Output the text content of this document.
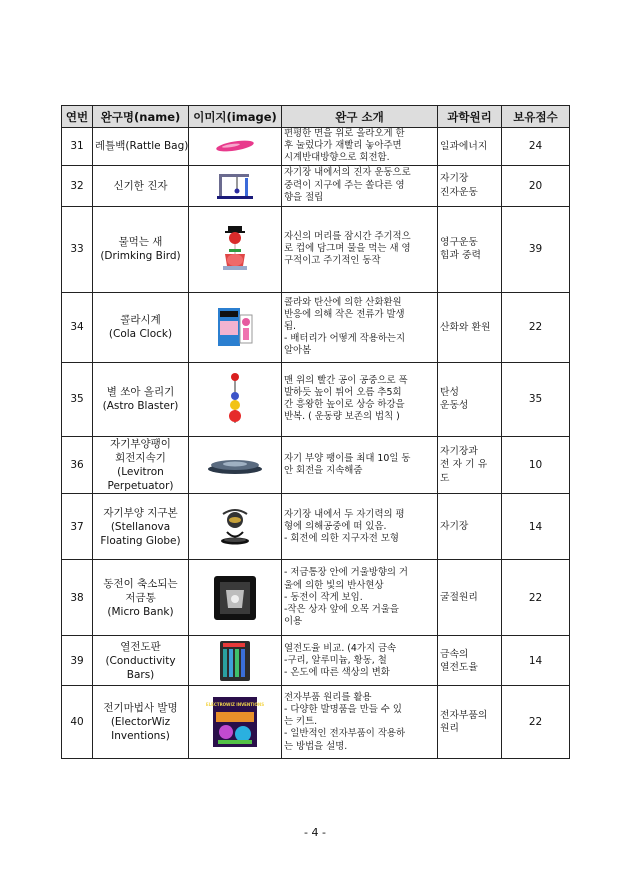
연번	완구명(name)	이미지(image)	완구 소개	과학원리	보유점수
31	레틀백(Rattle Bag)		편평한 면을 위로 올라오게 한
후 눌렀다가 재빨리 놓아주면
시계반대방향으로 회전함.	일과에너지	24
32	신기한 진자		자기장 내에서의 진자 운동으로
중력이 지구에 주는 쏠다른 영
향을 절립	자기장
진자운동	20
33	물먹는 새
(Drimking Bird)		자신의 머리를 잠시간 주기적으
로 컵에 담그며 물을 먹는 새 영
구적이고 주기적인 동작	영구운동
힘과 중력	39
34	콜라시계
(Cola Clock)		콜라와 탄산에 의한 산화환원
반응에 의해 작은 전류가 발생
됨.
- 배터리가 어떻게 작용하는지
알아봄	산화와 환원	22
35	별 쏘아 올리기
(Astro Blaster)		맨 위의 빨간 공이 공중으로 폭
발하듯 높이 튀어 오름 추5회
간 흥왕한 높이로 상승 하강을
반복. ( 운동량 보존의 법칙 )	탄성
운동성	35
36	자기부양팽이
회전지속기
(Levitron
Perpetuator)		자기 부양 팽이를 최대 10일 동
안 회전을 지속해줌	자기장과
전 자 기 유
도	10
37	자기부양 지구본
(Stellanova
Floating Globe)		자기장 내에서 두 자기력의 평
형에 의해공중에 떠 있음.
- 회전에 의한 지구자전 모형	자기장	14
38	동전이 축소되는
저금통
(Micro Bank)		- 저금통장 안에 거울방향의 거
울에 의한 빛의 반사현상
- 동전이 작게 보임.
-작은 상자 앞에 오목 거울을
이용	굴절원리	22
39	열전도판
(Conductivity
Bars)		열전도율 비교. (4가지 금속
-구리, 알루미늄, 황동, 철
- 온도에 따른 색상의 변화	금속의
열전도율	14
40	전기마법사 발명
(ElectorWiz
Inventions)	ELECTROWIZ INVENTIONS	전자부품 원리를 활용
- 다양한 발명품을 만들 수 있
는 키트.
- 일반적인 전자부품이 작용하
는 방법을 설명.	전자부품의
원리	22
- 4 -
